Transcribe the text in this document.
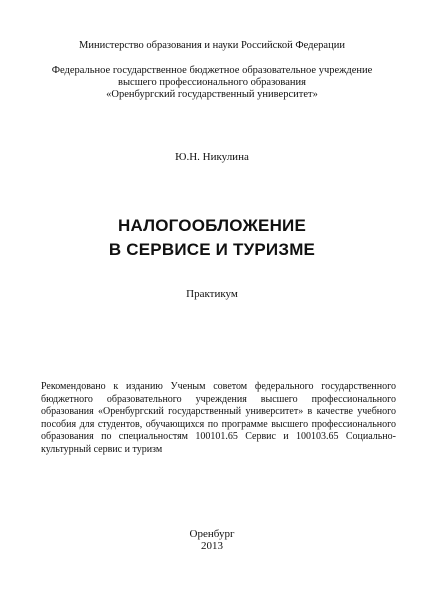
Министерство образования и науки Российской Федерации
Федеральное государственное бюджетное образовательное учреждение
высшего профессионального образования
«Оренбургский государственный университет»
Ю.Н. Никулина
НАЛОГООБЛОЖЕНИЕ
В СЕРВИСЕ И ТУРИЗМЕ
Практикум
Рекомендовано к изданию Ученым советом федерального государственного бюджетного образовательного учреждения высшего профессионального образования «Оренбургский государственный университет» в качестве учебного пособия для студентов, обучающихся по программе высшего профессионального образования по специальностям 100101.65 Сервис и 100103.65 Социально-культурный сервис и туризм
Оренбург
2013
